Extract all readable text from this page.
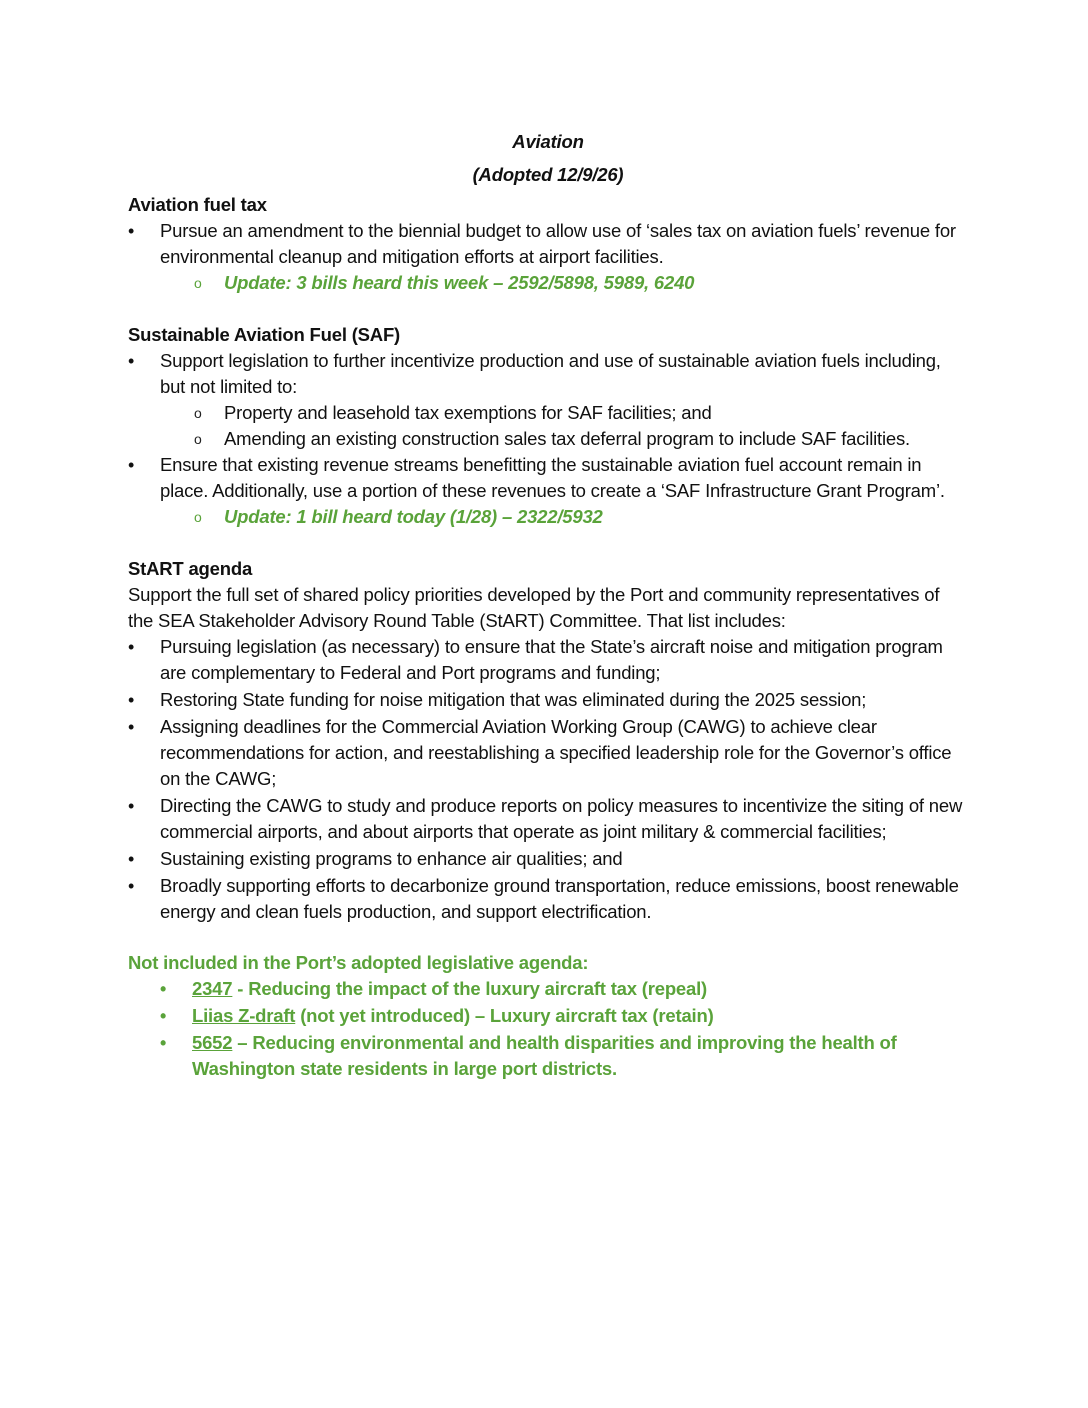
Aviation
(Adopted 12/9/26)
Aviation fuel tax
• Pursue an amendment to the biennial budget to allow use of ‘sales tax on aviation fuels’ revenue for environmental cleanup and mitigation efforts at airport facilities.
o Update: 3 bills heard this week – 2592/5898, 5989, 6240
Sustainable Aviation Fuel (SAF)
• Support legislation to further incentivize production and use of sustainable aviation fuels including, but not limited to:
o Property and leasehold tax exemptions for SAF facilities; and
o Amending an existing construction sales tax deferral program to include SAF facilities.
• Ensure that existing revenue streams benefitting the sustainable aviation fuel account remain in place. Additionally, use a portion of these revenues to create a ‘SAF Infrastructure Grant Program’.
o Update: 1 bill heard today (1/28) – 2322/5932
StART agenda
Support the full set of shared policy priorities developed by the Port and community representatives of the SEA Stakeholder Advisory Round Table (StART) Committee. That list includes:
• Pursuing legislation (as necessary) to ensure that the State’s aircraft noise and mitigation program are complementary to Federal and Port programs and funding;
• Restoring State funding for noise mitigation that was eliminated during the 2025 session;
• Assigning deadlines for the Commercial Aviation Working Group (CAWG) to achieve clear recommendations for action, and reestablishing a specified leadership role for the Governor’s office on the CAWG;
• Directing the CAWG to study and produce reports on policy measures to incentivize the siting of new commercial airports, and about airports that operate as joint military & commercial facilities;
• Sustaining existing programs to enhance air qualities; and
• Broadly supporting efforts to decarbonize ground transportation, reduce emissions, boost renewable energy and clean fuels production, and support electrification.
Not included in the Port’s adopted legislative agenda:
• 2347 - Reducing the impact of the luxury aircraft tax (repeal)
• Liias Z-draft (not yet introduced) – Luxury aircraft tax (retain)
• 5652 – Reducing environmental and health disparities and improving the health of Washington state residents in large port districts.
